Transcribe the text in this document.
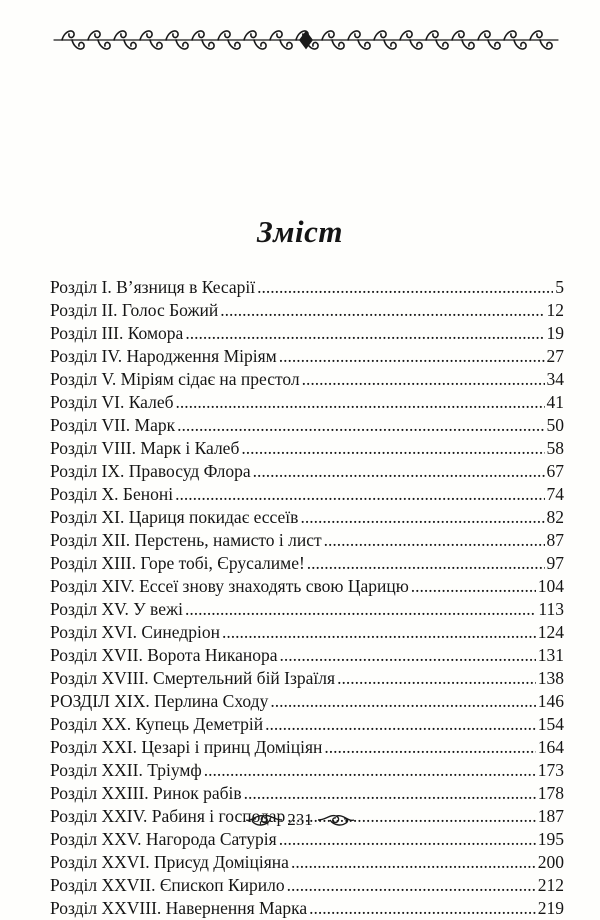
Зміст
Розділ І. В’язниця в Кесарії .....	5
Розділ ІІ. Голос Божий .....	12
Розділ ІІІ. Комора .....	19
Розділ IV. Народження Міріям .....	27
Розділ V. Міріям сідає на престол .....	34
Розділ VІ. Калеб .....	41
Розділ VІІ. Марк .....	50
Розділ VІІІ. Марк і Калеб .....	58
Розділ ІХ. Правосуд Флора .....	67
Розділ Х. Беноні .....	74
Розділ ХІ. Цариця покидає ессеїв .....	82
Розділ ХІІ. Перстень, намисто і лист .....	87
Розділ ХІІІ. Горе тобі, Єрусалиме! .....	97
Розділ ХІV. Ессеї знову знаходять свою Царицю .....	104
Розділ ХV. У вежі .....	113
Розділ ХVІ. Синедріон .....	124
Розділ ХVІІ. Ворота Никанора .....	131
Розділ ХVІІІ. Смертельний бій Ізраїля .....	138
РОЗДІЛ ХІХ. Перлина Сходу .....	146
Розділ ХХ. Купець Деметрій .....	154
Розділ ХХІ. Цезарі і принц Доміціян .....	164
Розділ ХХІІ. Тріумф .....	173
Розділ ХХІІІ. Ринок рабів .....	178
Розділ ХХІV. Рабиня і господар .....	187
Розділ ХХV. Нагорода Сатурія .....	195
Розділ ХХVІ. Присуд Доміціяна .....	200
Розділ ХХVІІ. Єпископ Кирило .....	212
Розділ ХХVІІІ. Навернення Марка .....	219
231
